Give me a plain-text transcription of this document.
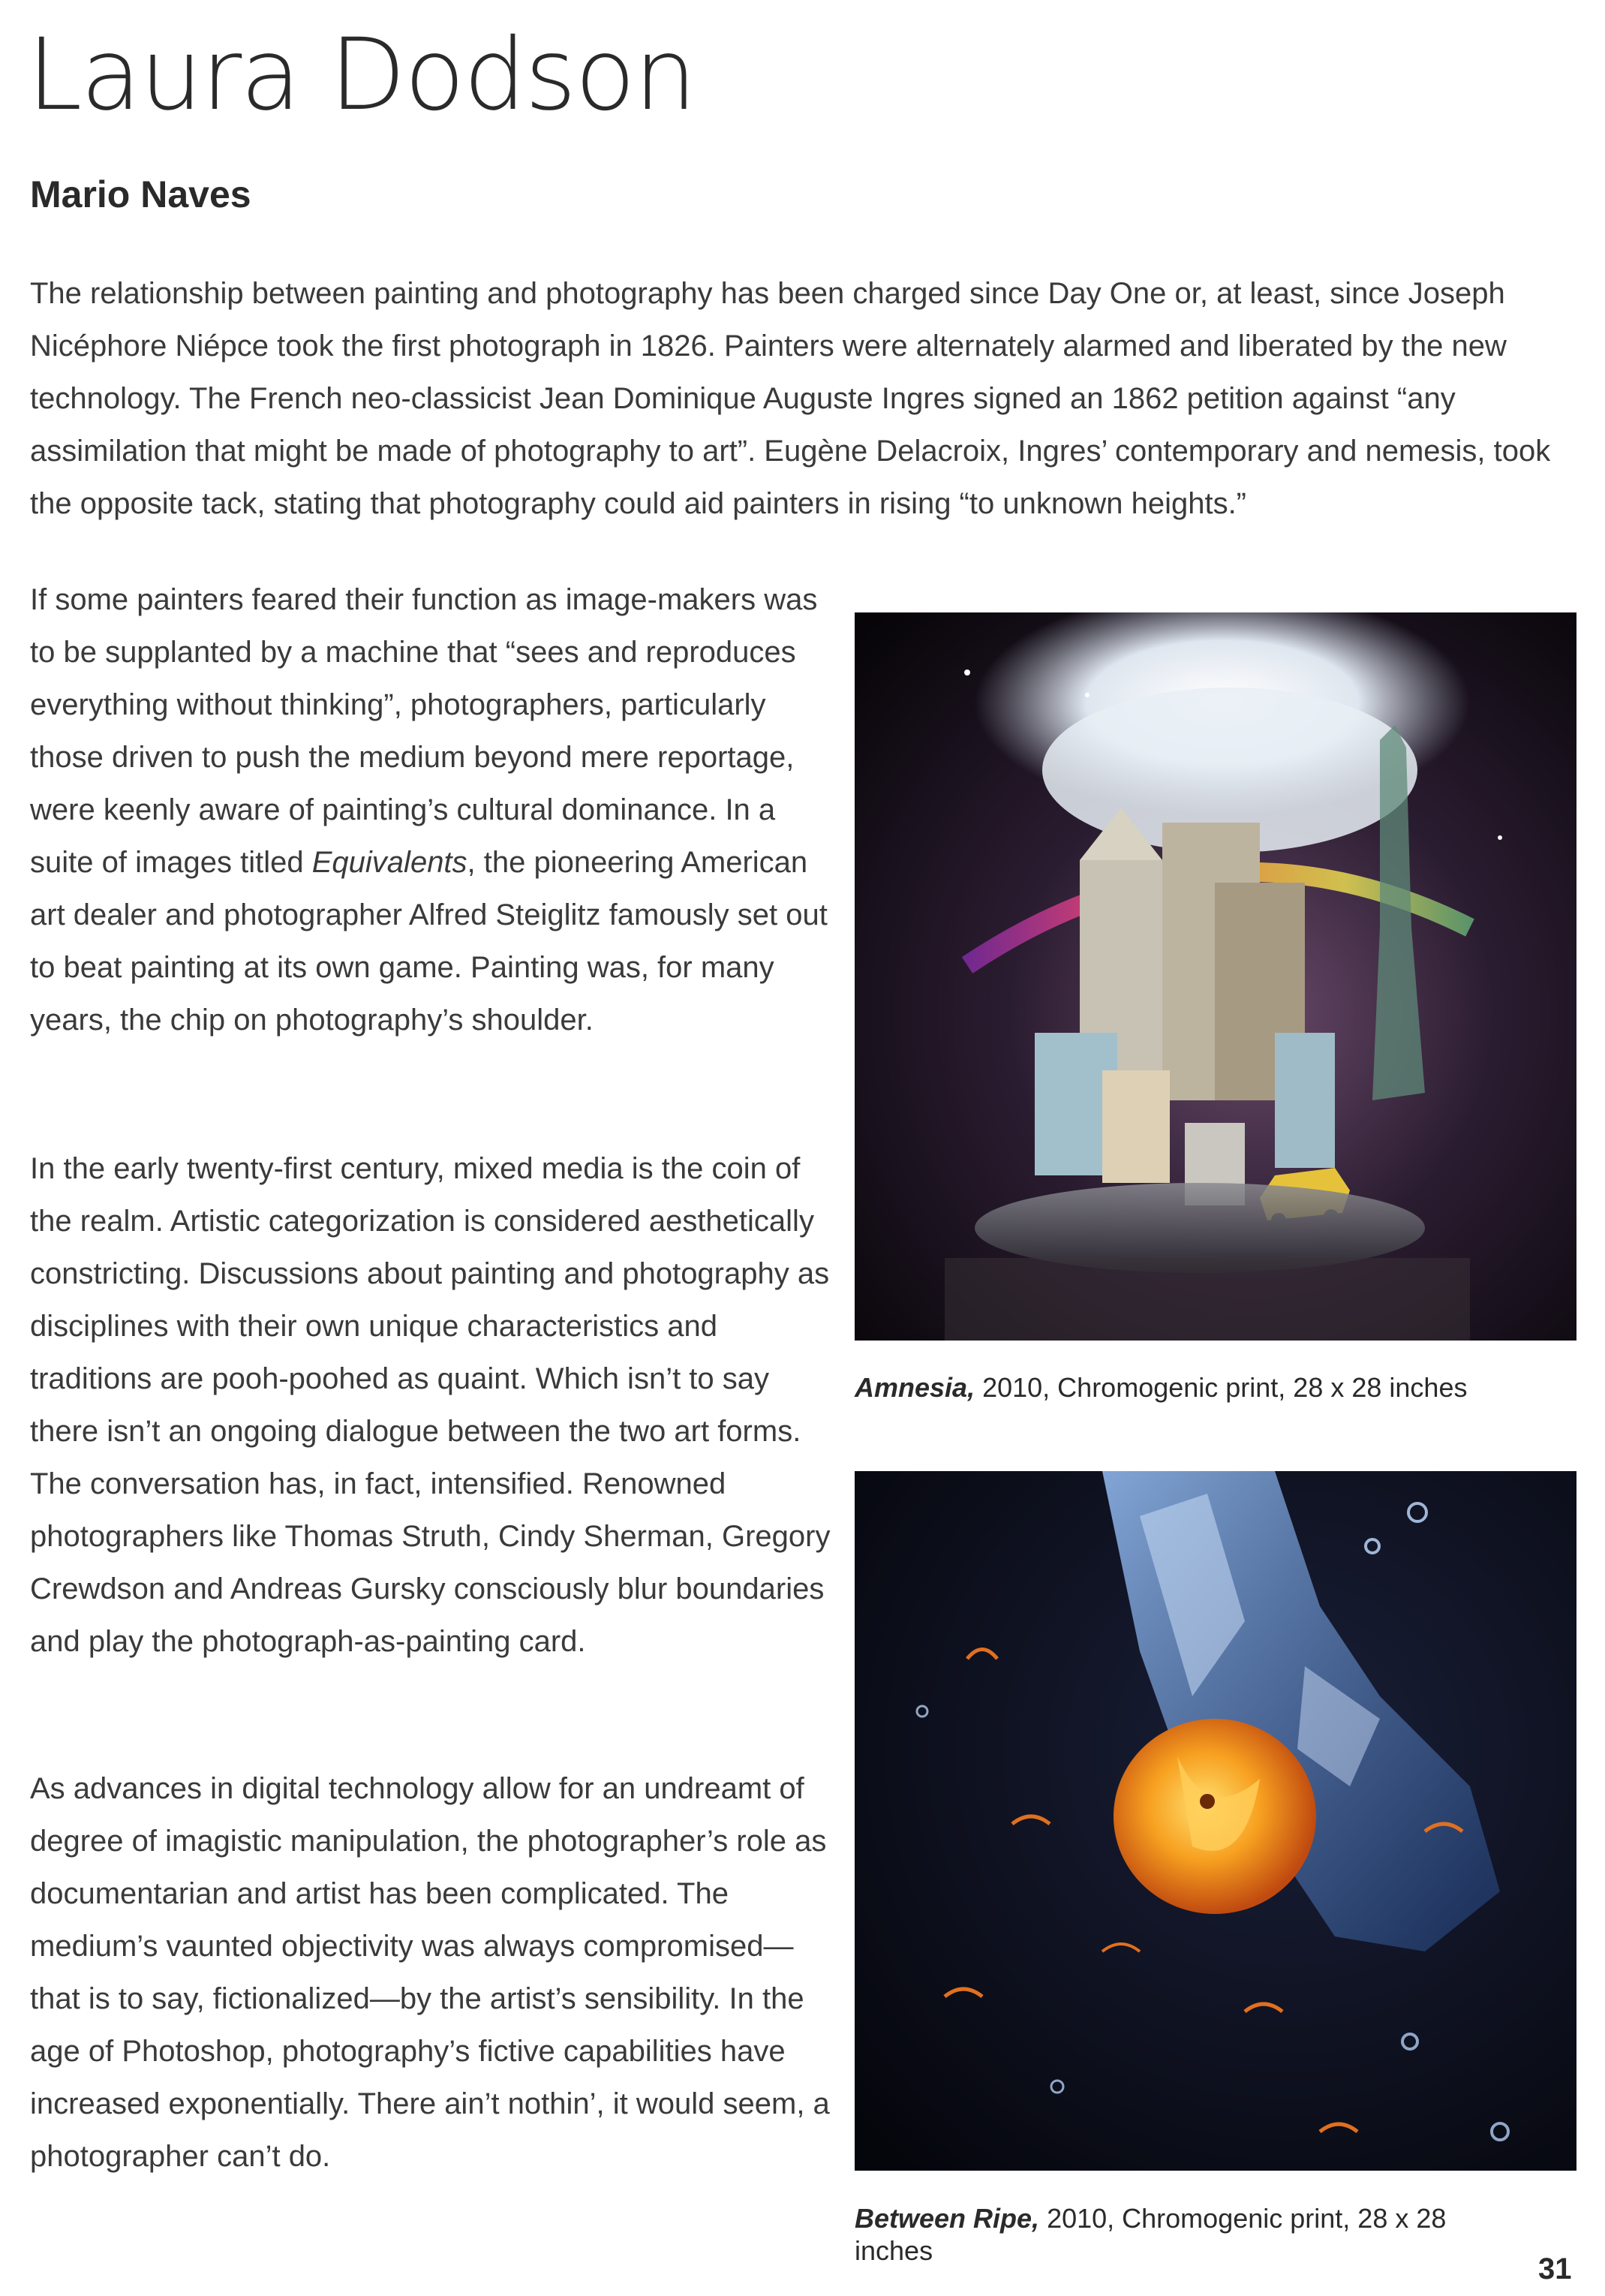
Laura Dodson
Mario Naves

The relationship between painting and photography has been charged since Day One or, at least, since Joseph Nicéphore Niépce took the first photograph in 1826. Painters were alternately alarmed and liberated by the new technology. The French neo-classicist Jean Dominique Auguste Ingres signed an 1862 petition against “any assimilation that might be made of photography to art”. Eugène Delacroix, Ingres’ contemporary and nemesis, took the opposite tack, stating that photography could aid painters in rising “to unknown heights.”

If some painters feared their function as image-makers was to be supplanted by a machine that “sees and reproduces everything without thinking”, photographers, particularly those driven to push the medium beyond mere reportage, were keenly aware of painting’s cultural dominance. In a suite of images titled Equivalents, the pioneering American art dealer and photographer Alfred Steiglitz famously set out to beat painting at its own game. Painting was, for many years, the chip on photography’s shoulder.

In the early twenty-first century, mixed media is the coin of the realm. Artistic categorization is considered aesthetically constricting. Discussions about painting and photography as disciplines with their own unique characteristics and traditions are pooh-poohed as quaint. Which isn’t to say there isn’t an ongoing dialogue between the two art forms. The conversation has, in fact, intensified. Renowned photographers like Thomas Struth, Cindy Sherman, Gregory Crewdson and Andreas Gursky consciously blur boundaries and play the photograph-as-painting card.

As advances in digital technology allow for an undreamt of degree of imagistic manipulation, the photographer’s role as documentarian and artist has been complicated. The medium’s vaunted objectivity was always compromised—that is to say, fictionalized—by the artist’s sensibility. In the age of Photoshop, photography’s fictive capabilities have increased exponentially. There ain’t nothin’, it would seem, a photographer can’t do.

Amnesia, 2010, Chromogenic print, 28 x 28 inches

Between Ripe, 2010, Chromogenic print, 28 x 28 inches

31
